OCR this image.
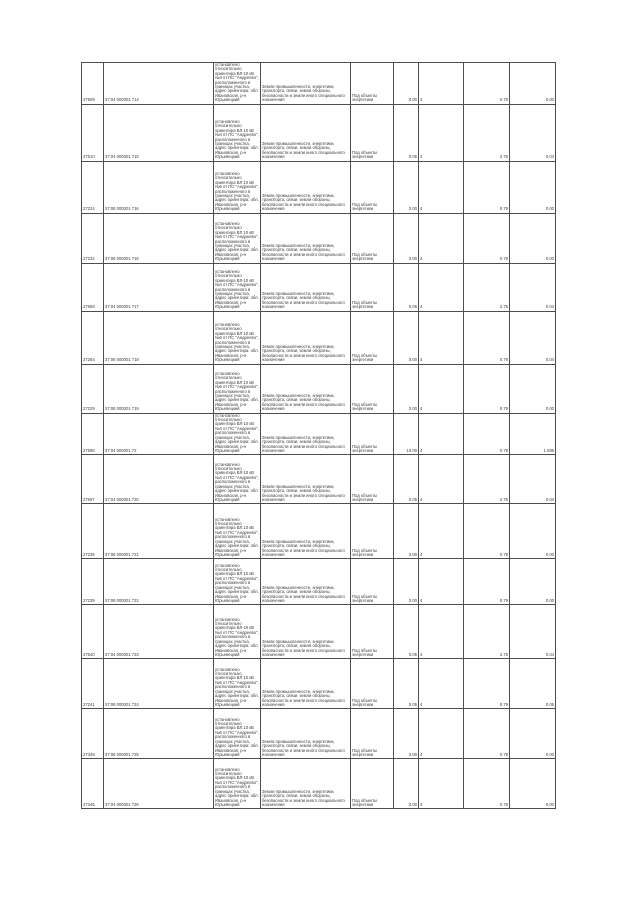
27509	37:04 000001 714	установлено относительно ориентира ВЛ-10 кВ №4 от ПС "Андреево", расположенного в границах участка, адрес ориентира: обл. Ивановская, р-н Юрьевецкий	Земли промышленности, энергетики, транспорта, связи, земли обороны, безопасности и земли иного специального назначения	Под объекты энергетики	0.00	4	0.79	0.00
27510	37:04 000001 715	установлено относительно ориентира ВЛ 10 кВ №4 от ПС "Андреево", расположенного в границах участка, адрес ориентира: обл. Ивановская, р-н Юрьевецкий	Земли промышленности, энергетики, транспорта, связи, земли обороны, безопасности и земли иного специального назначения	Под объекты энергетики	0.05	4	2.76	0.04
27224	37:06 000001 716	установлено относительно ориентира ВЛ 10 кВ №6 от ПС "Андреево", расположенного в границах участка, адрес ориентира: обл. Ивановская, р-н Юрьевецкий	Земли промышленности, энергетики, транспорта, связи, земли обороны, безопасности и земли иного специального назначения	Под объекты энергетики	0.00	4	0.79	0.00
27232	37:06 000001 716	установлено относительно ориентира ВЛ 10 кВ №6 от ПС "Андреево", расположенного в границах участка, адрес ориентира: обл. Ивановская, р-н Юрьевецкий	Земли промышленности, энергетики, транспорта, связи, земли обороны, безопасности и земли иного специального назначения	Под объекты энергетики	0.00	4	0.79	0.00
27559	37:04 000001 717	установлено относительно ориентира ВЛ-10 кВ №4 от ПС "Андреево", расположенного в границах участка, адрес ориентира: обл. Ивановская, р-н Юрьевецкий	Земли промышленности, энергетики, транспорта, связи, земли обороны, безопасности и земли иного специального назначения	Под объекты энергетики	0.05	4	2.75	0.04
27264	37:06 000001 718	установлено относительно ориентира ВЛ 10 кВ №6 от ПС "Андреево", расположенного в границах участка, адрес ориентира: обл. Ивановская, р-н Юрьевецкий	Земли промышленности, энергетики, транспорта, связи, земли обороны, безопасности и земли иного специального назначения	Под объекты энергетики	0.00	4	0.79	0.04
27229	37:06 000001 719	установлено относительно ориентира ВЛ 10 кВ №6 от ПС "Андреево", расположенного в границах участка, адрес ориентира: обл. Ивановская, р-н Юрьевецкий	Земли промышленности, энергетики, транспорта, связи, земли обороны, безопасности и земли иного специального назначения	Под объекты энергетики	0.00	4	0.79	0.00
27596	37:04 000001 72	установлено относительно ориентира ВЛ-10 кВ №4 от ПС "Андреево", расположенного в границах участка, адрес ориентира: обл. Ивановская, р-н Юрьевецкий	Земли промышленности, энергетики, транспорта, связи, земли обороны, безопасности и земли иного специального назначения	Под объекты энергетики	10.00	4	0.79	1.095
27597	37:04 000001 720	установлено относительно ориентира ВЛ-10 кВ №4 от ПС "Андреево", расположенного в границах участка, адрес ориентира: обл. Ивановская, р-н Юрьевецкий	Земли промышленности, энергетики, транспорта, связи, земли обороны, безопасности и земли иного специального назначения	Под объекты энергетики	0.05	4	2.76	0.04
27236	37:06 000001 721	установлено относительно ориентира ВЛ 10 кВ №6 от ПС "Андреево", расположенного в границах участка, адрес ориентира: обл. Ивановская, р-н Юрьевецкий	Земли промышленности, энергетики, транспорта, связи, земли обороны, безопасности и земли иного специального назначения	Под объекты энергетики	0.00	4	0.79	0.00
27239	37:06 000001 722	установлено относительно ориентира ВЛ 10 кВ №6 от ПС "Андреево", расположенного в границах участка, адрес ориентира: обл. Ивановская, р-н Юрьевецкий	Земли промышленности, энергетики, транспорта, связи, земли обороны, безопасности и земли иного специального назначения	Под объекты энергетики	0.00	4	0.79	0.00
27540	37:04 000001 723	установлено относительно ориентира ВЛ-10 кВ №4 от ПС "Андреево", расположенного в границах участка, адрес ориентира: обл. Ивановская, р-н Юрьевецкий	Земли промышленности, энергетики, транспорта, связи, земли обороны, безопасности и земли иного специального назначения	Под объекты энергетики	0.05	4	2.75	0.04
27241	37:06 000001 724	установлено относительно ориентира ВЛ 10 кВ №6 от ПС "Андреево", расположенного в границах участка, адрес ориентира: обл. Ивановская, р-н Юрьевецкий	Земли промышленности, энергетики, транспорта, связи, земли обороны, безопасности и земли иного специального назначения	Под объекты энергетики	0.05	4	0.79	0.05
27349	37:06 000001 725	установлено относительно ориентира ВЛ 10 кВ №6 от ПС "Андреево", расположенного в границах участка, адрес ориентира: обл. Ивановская, р-н Юрьевецкий	Земли промышленности, энергетики, транспорта, связи, земли обороны, безопасности и земли иного специального назначения	Под объекты энергетики	0.00	4	0.79	0.00
27345	37:04 000001 726	установлено относительно ориентира ВЛ-10 кВ №4 от ПС "Андреево", расположенного в границах участка, адрес ориентира: обл. Ивановская, р-н Юрьевецкий	Земли промышленности, энергетики, транспорта, связи, земли обороны, безопасности и земли иного специального назначения	Под объекты энергетики	0.00	4	0.79	0.00
